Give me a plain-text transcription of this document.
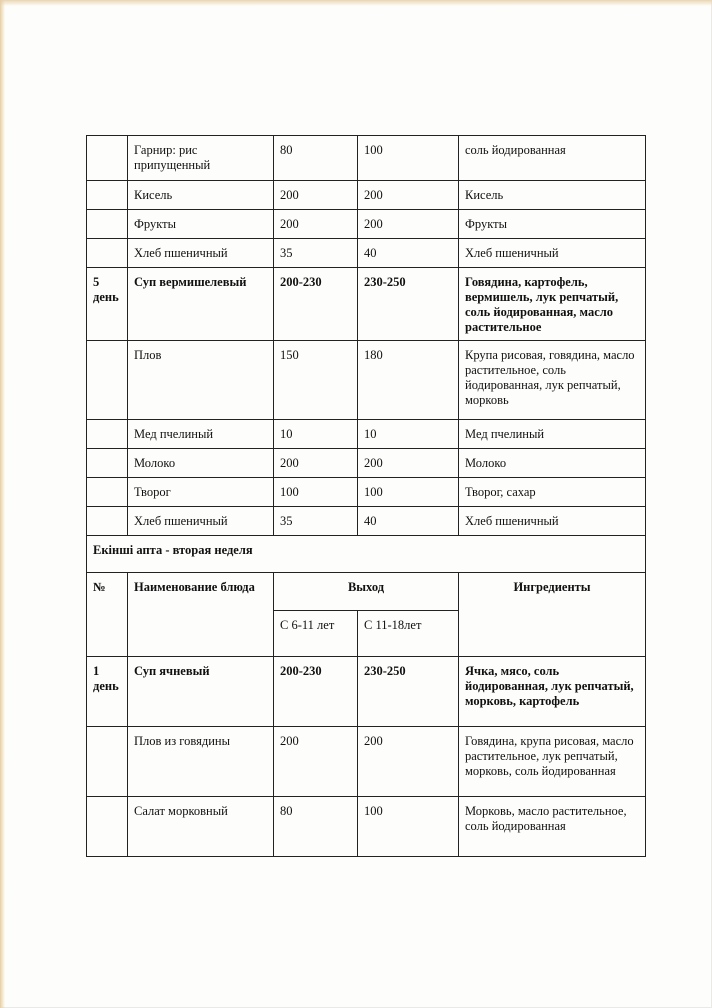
	Гарнир: рис припущенный	80	100	соль йодированная
	Кисель	200	200	Кисель
	Фрукты	200	200	Фрукты
	Хлеб пшеничный	35	40	Хлеб пшеничный
5 день	Суп вермишелевый	200-230	230-250	Говядина, картофель, вермишель, лук репчатый, соль йодированная, масло растительное
	Плов	150	180	Крупа рисовая, говядина, масло растительное, соль йодированная, лук репчатый, морковь
	Мед пчелиный	10	10	Мед пчелиный
	Молоко	200	200	Молоко
	Творог	100	100	Творог, сахар
	Хлеб пшеничный	35	40	Хлеб пшеничный
Екінші апта - вторая неделя				
№	Наименование блюда	Выход		Ингредиенты
		С 6-11 лет	С 11-18лет	
1 день	Суп ячневый	200-230	230-250	Ячка, мясо, соль йодированная, лук репчатый, морковь, картофель
	Плов из говядины	200	200	Говядина, крупа рисовая, масло растительное, лук репчатый, морковь, соль йодированная
	Салат морковный	80	100	Морковь, масло растительное, соль йодированная
